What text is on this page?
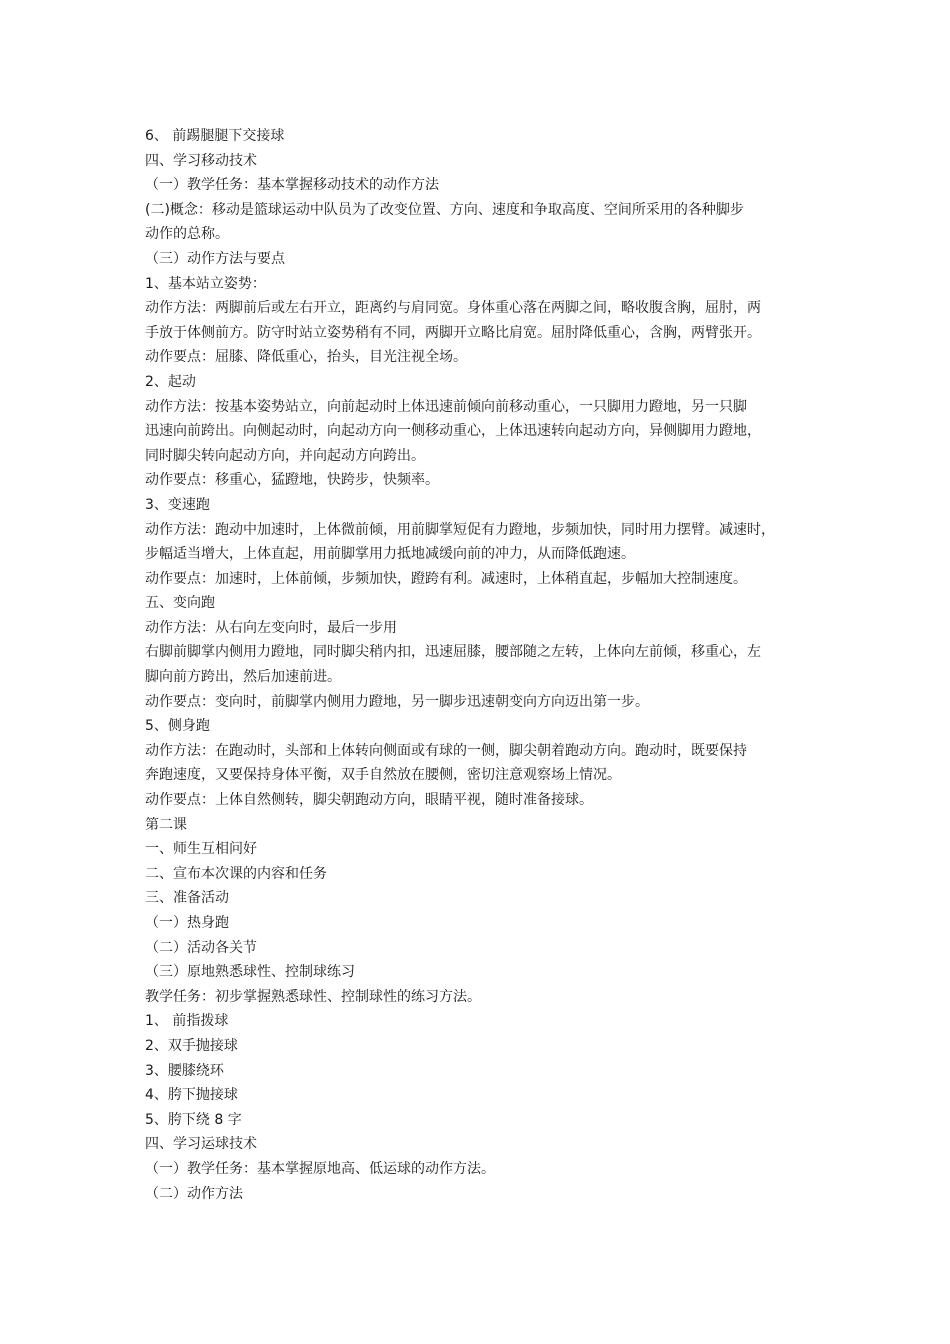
6、 前踢腿腿下交接球
四、学习移动技术
（一）教学任务：基本掌握移动技术的动作方法
(二)概念：移动是篮球运动中队员为了改变位置、方向、速度和争取高度、空间所采用的各种脚步
动作的总称。
（三）动作方法与要点
1、基本站立姿势：
动作方法：两脚前后或左右开立，距离约与肩同宽。身体重心落在两脚之间，略收腹含胸，屈肘，两
手放于体侧前方。防守时站立姿势稍有不同，两脚开立略比肩宽。屈肘降低重心，含胸，两臂张开。
动作要点：屈膝、降低重心，抬头，目光注视全场。
2、起动
动作方法：按基本姿势站立，向前起动时上体迅速前倾向前移动重心，一只脚用力蹬地，另一只脚
迅速向前跨出。向侧起动时，向起动方向一侧移动重心，上体迅速转向起动方向，异侧脚用力蹬地，
同时脚尖转向起动方向，并向起动方向跨出。
动作要点：移重心，猛蹬地，快跨步，快频率。
3、变速跑
动作方法：跑动中加速时，上体微前倾，用前脚掌短促有力蹬地，步频加快，同时用力摆臂。减速时，
步幅适当增大，上体直起，用前脚掌用力抵地减缓向前的冲力，从而降低跑速。
动作要点：加速时，上体前倾，步频加快，蹬跨有利。减速时，上体稍直起，步幅加大控制速度。
五、变向跑
动作方法：从右向左变向时，最后一步用
右脚前脚掌内侧用力蹬地，同时脚尖稍内扣，迅速屈膝，腰部随之左转，上体向左前倾，移重心，左
脚向前方跨出，然后加速前进。
动作要点：变向时，前脚掌内侧用力蹬地，另一脚步迅速朝变向方向迈出第一步。
5、侧身跑
动作方法：在跑动时，头部和上体转向侧面或有球的一侧，脚尖朝着跑动方向。跑动时，既要保持
奔跑速度，又要保持身体平衡，双手自然放在腰侧，密切注意观察场上情况。
动作要点：上体自然侧转，脚尖朝跑动方向，眼睛平视，随时准备接球。
第二课
一、师生互相问好
二、宣布本次课的内容和任务
三、准备活动
（一）热身跑
（二）活动各关节
（三）原地熟悉球性、控制球练习
教学任务：初步掌握熟悉球性、控制球性的练习方法。
1、 前指拨球
2、双手抛接球
3、腰膝绕环
4、胯下抛接球
5、胯下绕 8 字
四、学习运球技术
（一）教学任务：基本掌握原地高、低运球的动作方法。
（二）动作方法
